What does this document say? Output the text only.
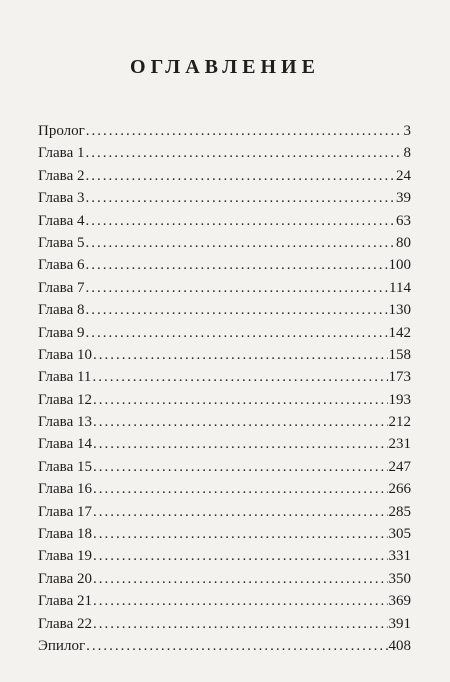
ОГЛАВЛЕНИЕ
Пролог .....	3
Глава 1 .....	8
Глава 2 .....	24
Глава 3 .....	39
Глава 4 .....	63
Глава 5 .....	80
Глава 6 .....	100
Глава 7 .....	114
Глава 8 .....	130
Глава 9 .....	142
Глава 10 .....	158
Глава 11 .....	173
Глава 12 .....	193
Глава 13 .....	212
Глава 14 .....	231
Глава 15 .....	247
Глава 16 .....	266
Глава 17 .....	285
Глава 18 .....	305
Глава 19 .....	331
Глава 20 .....	350
Глава 21 .....	369
Глава 22 .....	391
Эпилог .....	408
